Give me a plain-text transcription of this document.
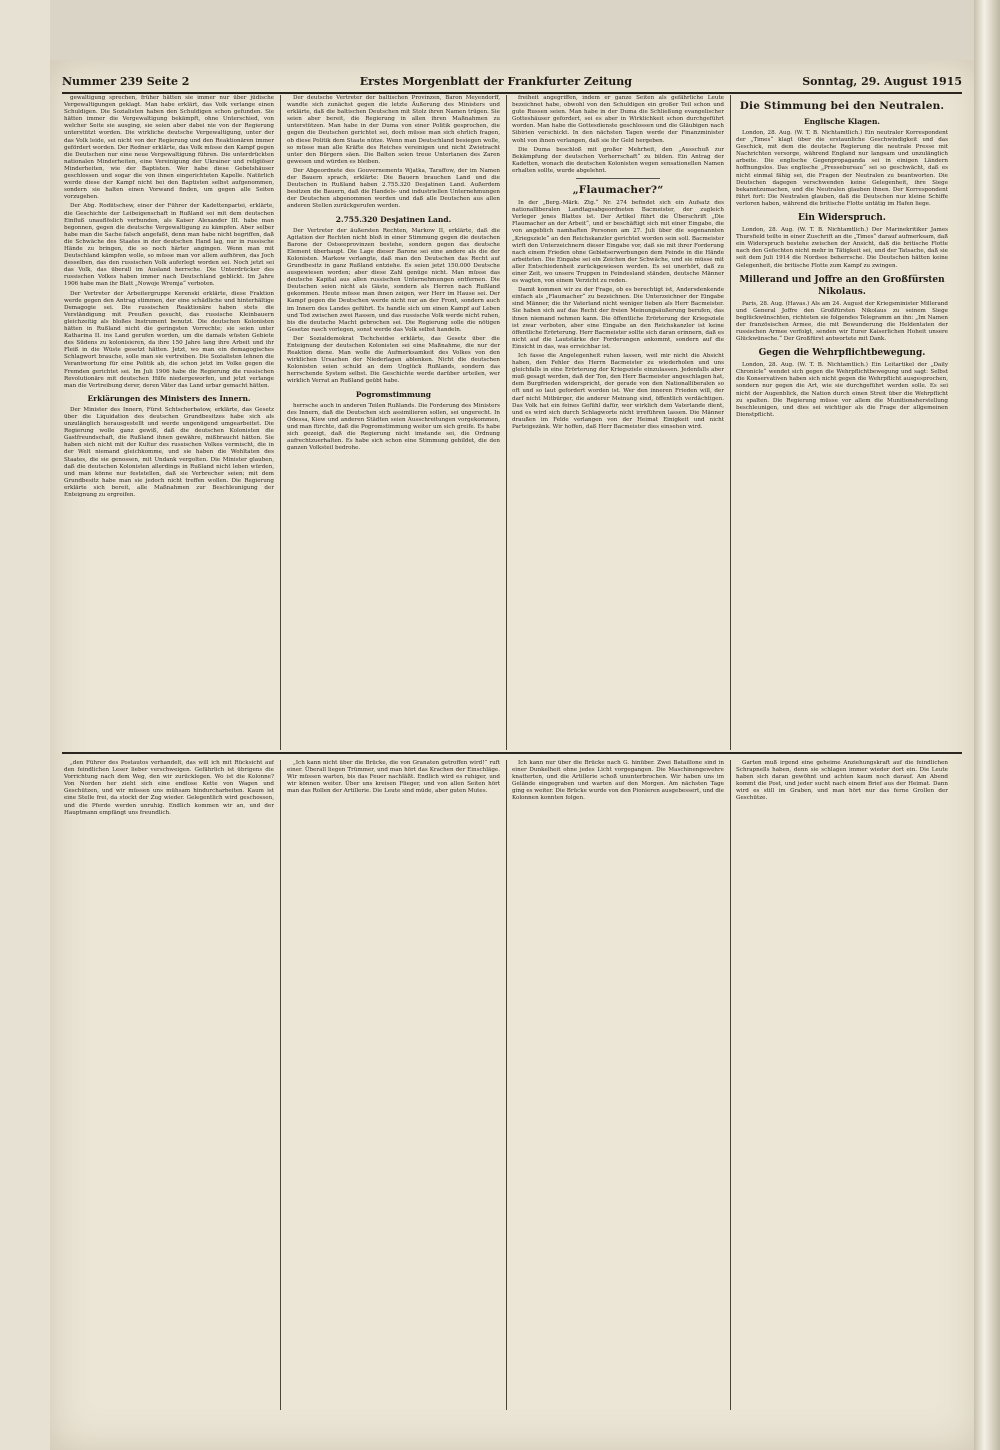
Nummer 239 Seite 2	Erstes Morgenblatt der Frankfurter Zeitung	Sonntag, 29. August 1915

gewaltigung sprechen, früher hätten sie immer nur über jüdische Vergewaltigungen geklagt. Man habe erklärt, das Volk verlange einen Schuldigen. Die Sozialisten haben den Schuldigen schon gefunden. Sie hätten immer die Vergewaltigung bekämpft, ohne Unterschied, von welcher Seite sie ausging, sie seien aber dabei nie von der Regierung unterstützt worden. Die wirkliche deutsche Vergewaltigung, unter der das Volk leide, sei nicht von der Regierung und den Reaktionären immer gefördert worden. Der Redner erklärte, das Volk müsse den Kampf gegen die Deutschen nur eine neue Vergewaltigung führen. Die unterdrückten nationalen Minderheiten, eine Vereinigung der Ukrainer und religiöser Minderheiten, wie der Baptisten. Wer habe diese Gebetshäuser geschlossen und sogar die von ihnen eingerichteten Kapelle. Natürlich werde diese der Kampf nicht bei den Baptisten selbst aufgenommen, sondern sie halten einen Vorwand finden, um gegen alle Seiten vorzugehen.

Der Abg. Rodiitschew, einer der Führer der Kadettenpartei, erklärte, die Geschichte der Leibeigenschaft in Rußland sei mit dem deutschen Einfluß unauflöslich verbunden, als Kaiser Alexander III. habe man begonnen, gegen die deutsche Vergewaltigung zu kämpfen. Aber selber habe man die Sache falsch angefaßt, denn man habe nicht begriffen, daß die Schwäche des Staates in der deutschen Hand lag, nur in russische Hände zu bringen, die so noch härter angingen. Wenn man mit Deutschland kämpfen wolle, so müsse man vor allem aufhören, das Joch desselben, das den russischen Volk auferlegt worden sei. Noch jetzt sei das Volk, das überall im Ausland herrsche. Die Unterdrücker des russischen Volkes haben immer nach Deutschland geblickt. Im Jahre 1906 habe man ihr Blatt „Nowoje Wremja“ verboten.

Der Vertreter der Arbeitergruppe Kerenski erklärte, diese Fraktion werde gegen den Antrag stimmen, der eine schädliche und hinterhältige Demagogie sei. Die russischen Reaktionäre haben stets die Verständigung mit Preußen gesucht, das russische Kleinbauern gleichzeitig als bloßes Instrument benutzt. Die deutschen Kolonisten hätten in Rußland nicht die geringsten Vorrechte; sie seien unter Katharina II. ins Land gerufen worden, um die damals wüsten Gebiete des Südens zu kolonisieren, da ihre 150 Jahre lang ihre Arbeit und ihr Fleiß in die Wüste gesetzt hätten. Jetzt, wo man ein demagogisches Schlagwort brauche, solle man sie vertreiben. Die Sozialisten lehnen die Verantwortung für eine Politik ab, die schon jetzt im Volke gegen die Fremden gerichtet sei. Im Juli 1906 habe die Regierung die russischen Revolutionäre mit deutschen Hilfe niedergeworfen, und jetzt verlange man die Vertreibung derer, deren Väter das Land urbar gemacht hätten.

Erklärungen des Ministers des Innern.

Der Minister des Innern, Fürst Schtscherbatow, erklärte, das Gesetz über die Liquidation des deutschen Grundbesitzes habe sich als unzulänglich herausgestellt und werde ungenügend umgearbeitet. Die Regierung wolle ganz gewiß, daß die deutschen Kolonisten die Gastfreundschaft, die Rußland ihnen gewähre, mißbraucht hätten. Sie haben sich nicht mit der Kultur des russischen Volkes vermischt, die in der Welt niemand gleichkomme, und sie haben die Wohltaten des Staates, die sie genossen, mit Undank vergolten. Die Minister glauben, daß die deutschen Kolonisten allerdings in Rußland nicht leben würden, und man könne nur feststellen, daß sie Verbrecher seien; mit dem Grundbesitz habe man sie jedoch nicht treffen wollen. Die Regierung erklärte sich bereit, alle Maßnahmen zur Beschleunigung der Enteignung zu ergreifen.

Der deutsche Vertreter der baltischen Provinzen, Baron Meyendorff, wandte sich zunächst gegen die letzte Äußerung des Ministers und erklärte, daß die baltischen Deutschen mit Stolz ihren Namen trügen. Sie seien aber bereit, die Regierung in allen ihren Maßnahmen zu unterstützen. Man habe in der Duma von einer Politik gesprochen, die gegen die Deutschen gerichtet sei, doch müsse man sich ehrlich fragen, ob diese Politik dem Staate nütze. Wenn man Deutschland besiegen wolle, so müsse man alle Kräfte des Reiches vereinigen und nicht Zwietracht unter den Bürgern säen. Die Balten seien treue Untertanen des Zaren gewesen und würden es bleiben.

Der Abgeordnete des Gouvernements Wjatka, Taraffow, der im Namen der Bauern sprach, erklärte: Die Bauern brauchen Land und die Deutschen in Rußland haben 2.755.320 Desjatinen Land. Außerdem besitzen die Bauern, daß die Handels- und industriellen Unternehmungen der Deutschen abgenommen werden und daß alle Deutschen aus allen anderen Stellen zurückgerufen werden.

2.755.320 Desjatinen Land.

Der Vertreter der äußersten Rechten, Markow II, erklärte, daß die Agitation der Rechten nicht bloß in einer Stimmung gegen die deutschen Barone der Ostseeprovinzen bestehe, sondern gegen das deutsche Element überhaupt. Die Lage dieser Barone sei eine andere als die der Kolonisten. Markow verlangte, daß man den Deutschen das Recht auf Grundbesitz in ganz Rußland entziehe. Es seien jetzt 150.000 Deutsche ausgewiesen worden; aber diese Zahl genüge nicht. Man müsse das deutsche Kapital aus allen russischen Unternehmungen entfernen. Die Deutschen seien nicht als Gäste, sondern als Herren nach Rußland gekommen. Heute müsse man ihnen zeigen, wer Herr im Hause sei. Der Kampf gegen die Deutschen werde nicht nur an der Front, sondern auch im Innern des Landes geführt. Es handle sich um einen Kampf auf Leben und Tod zwischen zwei Rassen, und das russische Volk werde nicht ruhen, bis die deutsche Macht gebrochen sei. Die Regierung solle die nötigen Gesetze rasch vorlegen, sonst werde das Volk selbst handeln.

Der Sozialdemokrat Tschcheidse erklärte, das Gesetz über die Enteignung der deutschen Kolonisten sei eine Maßnahme, die nur der Reaktion diene. Man wolle die Aufmerksamkeit des Volkes von den wirklichen Ursachen der Niederlagen ablenken. Nicht die deutschen Kolonisten seien schuld an dem Unglück Rußlands, sondern das herrschende System selbst. Die Geschichte werde darüber urteilen, wer wirklich Verrat an Rußland geübt habe.

Pogromstimmung

herrsche auch in anderen Teilen Rußlands. Die Forderung des Ministers des Innern, daß die Deutschen sich assimilieren sollen, sei ungerecht. In Odessa, Kiew und anderen Städten seien Ausschreitungen vorgekommen, und man fürchte, daß die Pogromstimmung weiter um sich greife. Es habe sich gezeigt, daß die Regierung nicht imstande sei, die Ordnung aufrechtzuerhalten. Es habe sich schon eine Stimmung gebildet, die den ganzen Volksteil bedrohe.

freiheit angegriffen, indem er ganze Seiten als gefährliche Leute bezeichnet habe, obwohl von den Schuldigen ein großer Teil schon und gute Russen seien. Man habe in der Duma die Schließung evangelischer Gotteshäuser gefordert, sei es aber in Wirklichkeit schon durchgeführt worden. Man habe die Gottesdienste geschlossen und die Gläubigen nach Sibirien verschickt. In den nächsten Tagen werde der Finanzminister wohl von ihnen verlangen, daß sie ihr Geld hergeben.

Die Duma beschloß mit großer Mehrheit, den „Ausschuß zur Bekämpfung der deutschen Vorherrschaft“ zu bilden. Ein Antrag der Kadetten, wonach die deutschen Kolonisten wegen sensationellen Namen erhalten sollte, wurde abgelehnt.

„Flaumacher?“

In der „Berg.-Märk. Ztg.“ Nr. 274 befindet sich ein Aufsatz des nationalliberalen Landtagsabgeordneten Bacmeister, der zugleich Verleger jenes Blattes ist. Der Artikel führt die Überschrift „Die Flaumacher an der Arbeit“, und er beschäftigt sich mit einer Eingabe, die von angeblich namhaften Personen am 27. Juli über die sogenannten „Kriegsziele“ an den Reichskanzler gerichtet worden sein soll. Bacmeister wirft den Unterzeichnern dieser Eingabe vor, daß sie mit ihrer Forderung nach einem Frieden ohne Gebietserwerbungen dem Feinde in die Hände arbeiteten. Die Eingabe sei ein Zeichen der Schwäche, und sie müsse mit aller Entschiedenheit zurückgewiesen werden. Es sei unerhört, daß zu einer Zeit, wo unsere Truppen in Feindesland ständen, deutsche Männer es wagten, von einem Verzicht zu reden.

Damit kommen wir zu der Frage, ob es berechtigt ist, Andersdenkende einfach als „Flaumacher“ zu bezeichnen. Die Unterzeichner der Eingabe sind Männer, die ihr Vaterland nicht weniger lieben als Herr Bacmeister. Sie haben sich auf das Recht der freien Meinungsäußerung berufen, das ihnen niemand nehmen kann. Die öffentliche Erörterung der Kriegsziele ist zwar verboten, aber eine Eingabe an den Reichskanzler ist keine öffentliche Erörterung. Herr Bacmeister sollte sich daran erinnern, daß es nicht auf die Lautstärke der Forderungen ankommt, sondern auf die Einsicht in das, was erreichbar ist.

Ich fasse die Angelegenheit ruhen lassen, weil mir nicht die Absicht haben, den Fehler des Herrn Bacmeister zu wiederholen und uns gleichfalls in eine Erörterung der Kriegsziele einzulassen. Jedenfalls aber muß gesagt werden, daß der Ton, den Herr Bacmeister angeschlagen hat, dem Burgfrieden widerspricht, der gerade von den Nationalliberalen so oft und so laut gefordert worden ist. Wer den inneren Frieden will, der darf nicht Mitbürger, die anderer Meinung sind, öffentlich verdächtigen. Das Volk hat ein feines Gefühl dafür, wer wirklich dem Vaterlande dient, und es wird sich durch Schlagworte nicht irreführen lassen. Die Männer draußen im Felde verlangen von der Heimat Einigkeit und nicht Parteigezänk. Wir hoffen, daß Herr Bacmeister dies einsehen wird.

Die Stimmung bei den Neutralen.
Englische Klagen.

London, 28. Aug. (W. T. B. Nichtamtlich.) Ein neutraler Korrespondent der „Times“ klagt über die erstaunliche Geschwindigkeit und das Geschick, mit dem die deutsche Regierung die neutrale Presse mit Nachrichten versorge, während England nur langsam und unzulänglich arbeite. Die englische Gegenpropaganda sei in einigen Ländern hoffnungslos. Das englische „Pressebureau“ sei so geschwächt, daß es nicht einmal fähig sei, die Fragen der Neutralen zu beantworten. Die Deutschen dagegen verschwenden keine Gelegenheit, ihre Siege bekanntzumachen, und die Neutralen glauben ihnen. Der Korrespondent führt fort: Die Neutralen glauben, daß die Deutschen nur kleine Schiffe verloren haben, während die britische Flotte untätig im Hafen liege.

Ein Widerspruch.

London, 28. Aug. (W. T. B. Nichtamtlich.) Der Marinekritiker James Thursfield teilte in einer Zuschrift an die „Times“ darauf aufmerksam, daß ein Widerspruch bestehe zwischen der Ansicht, daß die britische Flotte nach den Gefechten nicht mehr in Tätigkeit sei, und der Tatsache, daß sie seit dem Juli 1914 die Nordsee beherrsche. Die Deutschen hätten keine Gelegenheit, die britische Flotte zum Kampf zu zwingen.

Millerand und Joffre an den Großfürsten Nikolaus.

Paris, 28. Aug. (Havas.) Als am 24. August der Kriegsminister Millerand und General Joffre den Großfürsten Nikolaus zu seinem Siege beglückwünschten, richteten sie folgendes Telegramm an ihn: „Im Namen der französischen Armee, die mit Bewunderung die Heldentaten der russischen Armee verfolgt, senden wir Eurer Kaiserlichen Hoheit unsere Glückwünsche.“ Der Großfürst antwortete mit Dank.

Gegen die Wehrpflichtbewegung.

London, 28. Aug. (W. T. B. Nichtamtlich.) Ein Leitartikel der „Daily Chronicle“ wendet sich gegen die Wehrpflichtbewegung und sagt: Selbst die Konservativen haben sich nicht gegen die Wehrpflicht ausgesprochen, sondern nur gegen die Art, wie sie durchgeführt werden solle. Es sei nicht der Augenblick, die Nation durch einen Streit über die Wehrpflicht zu spalten. Die Regierung müsse vor allem die Munitionsherstellung beschleunigen, und dies sei wichtiger als die Frage der allgemeinen Dienstpflicht.

„den Führer des Postautos verhandelt, das will ich mit Rücksicht auf den feindlichen Leser lieber verschweigen. Gefährlich ist übrigens die Vorrichtung nach dem Weg, den wir zurücklegen. Wo ist die Kolonne? Von Norden her zieht sich eine endlose Kette von Wagen und Geschützen, und wir müssen uns mühsam hindurcharbeiten. Kaum ist eine Stelle frei, da stockt der Zug wieder. Gelegentlich wird geschossen, und die Pferde werden unruhig. Endlich kommen wir an, und der Hauptmann empfängt uns freundlich.

„Ich kann nicht über die Brücke, die von Granaten getroffen wird!“ ruft einer. Überall liegen Trümmer, und man hört das Krachen der Einschläge. Wir müssen warten, bis das Feuer nachläßt. Endlich wird es ruhiger, und wir können weiter. Über uns kreisen Flieger, und von allen Seiten hört man das Rollen der Artillerie. Die Leute sind müde, aber guten Mutes.

Ich kann nur über die Brücke nach G. hinüber. Zwei Bataillone sind in einer Dunkelheit ohne jedes Licht vorgegangen. Die Maschinengewehre knatterten, und die Artillerie schoß ununterbrochen. Wir haben uns im Gelände eingegraben und warten auf den Morgen. Am nächsten Tage ging es weiter. Die Brücke wurde von den Pionieren ausgebessert, und die Kolonnen konnten folgen.

Garten muß irgend eine geheime Anziehungskraft auf die feindlichen Schrapnells haben, denn sie schlagen immer wieder dort ein. Die Leute haben sich daran gewöhnt und achten kaum noch darauf. Am Abend kommt die Post, und jeder sucht nach einem Brief aus der Heimat. Dann wird es still im Graben, und man hört nur das ferne Grollen der Geschütze.
